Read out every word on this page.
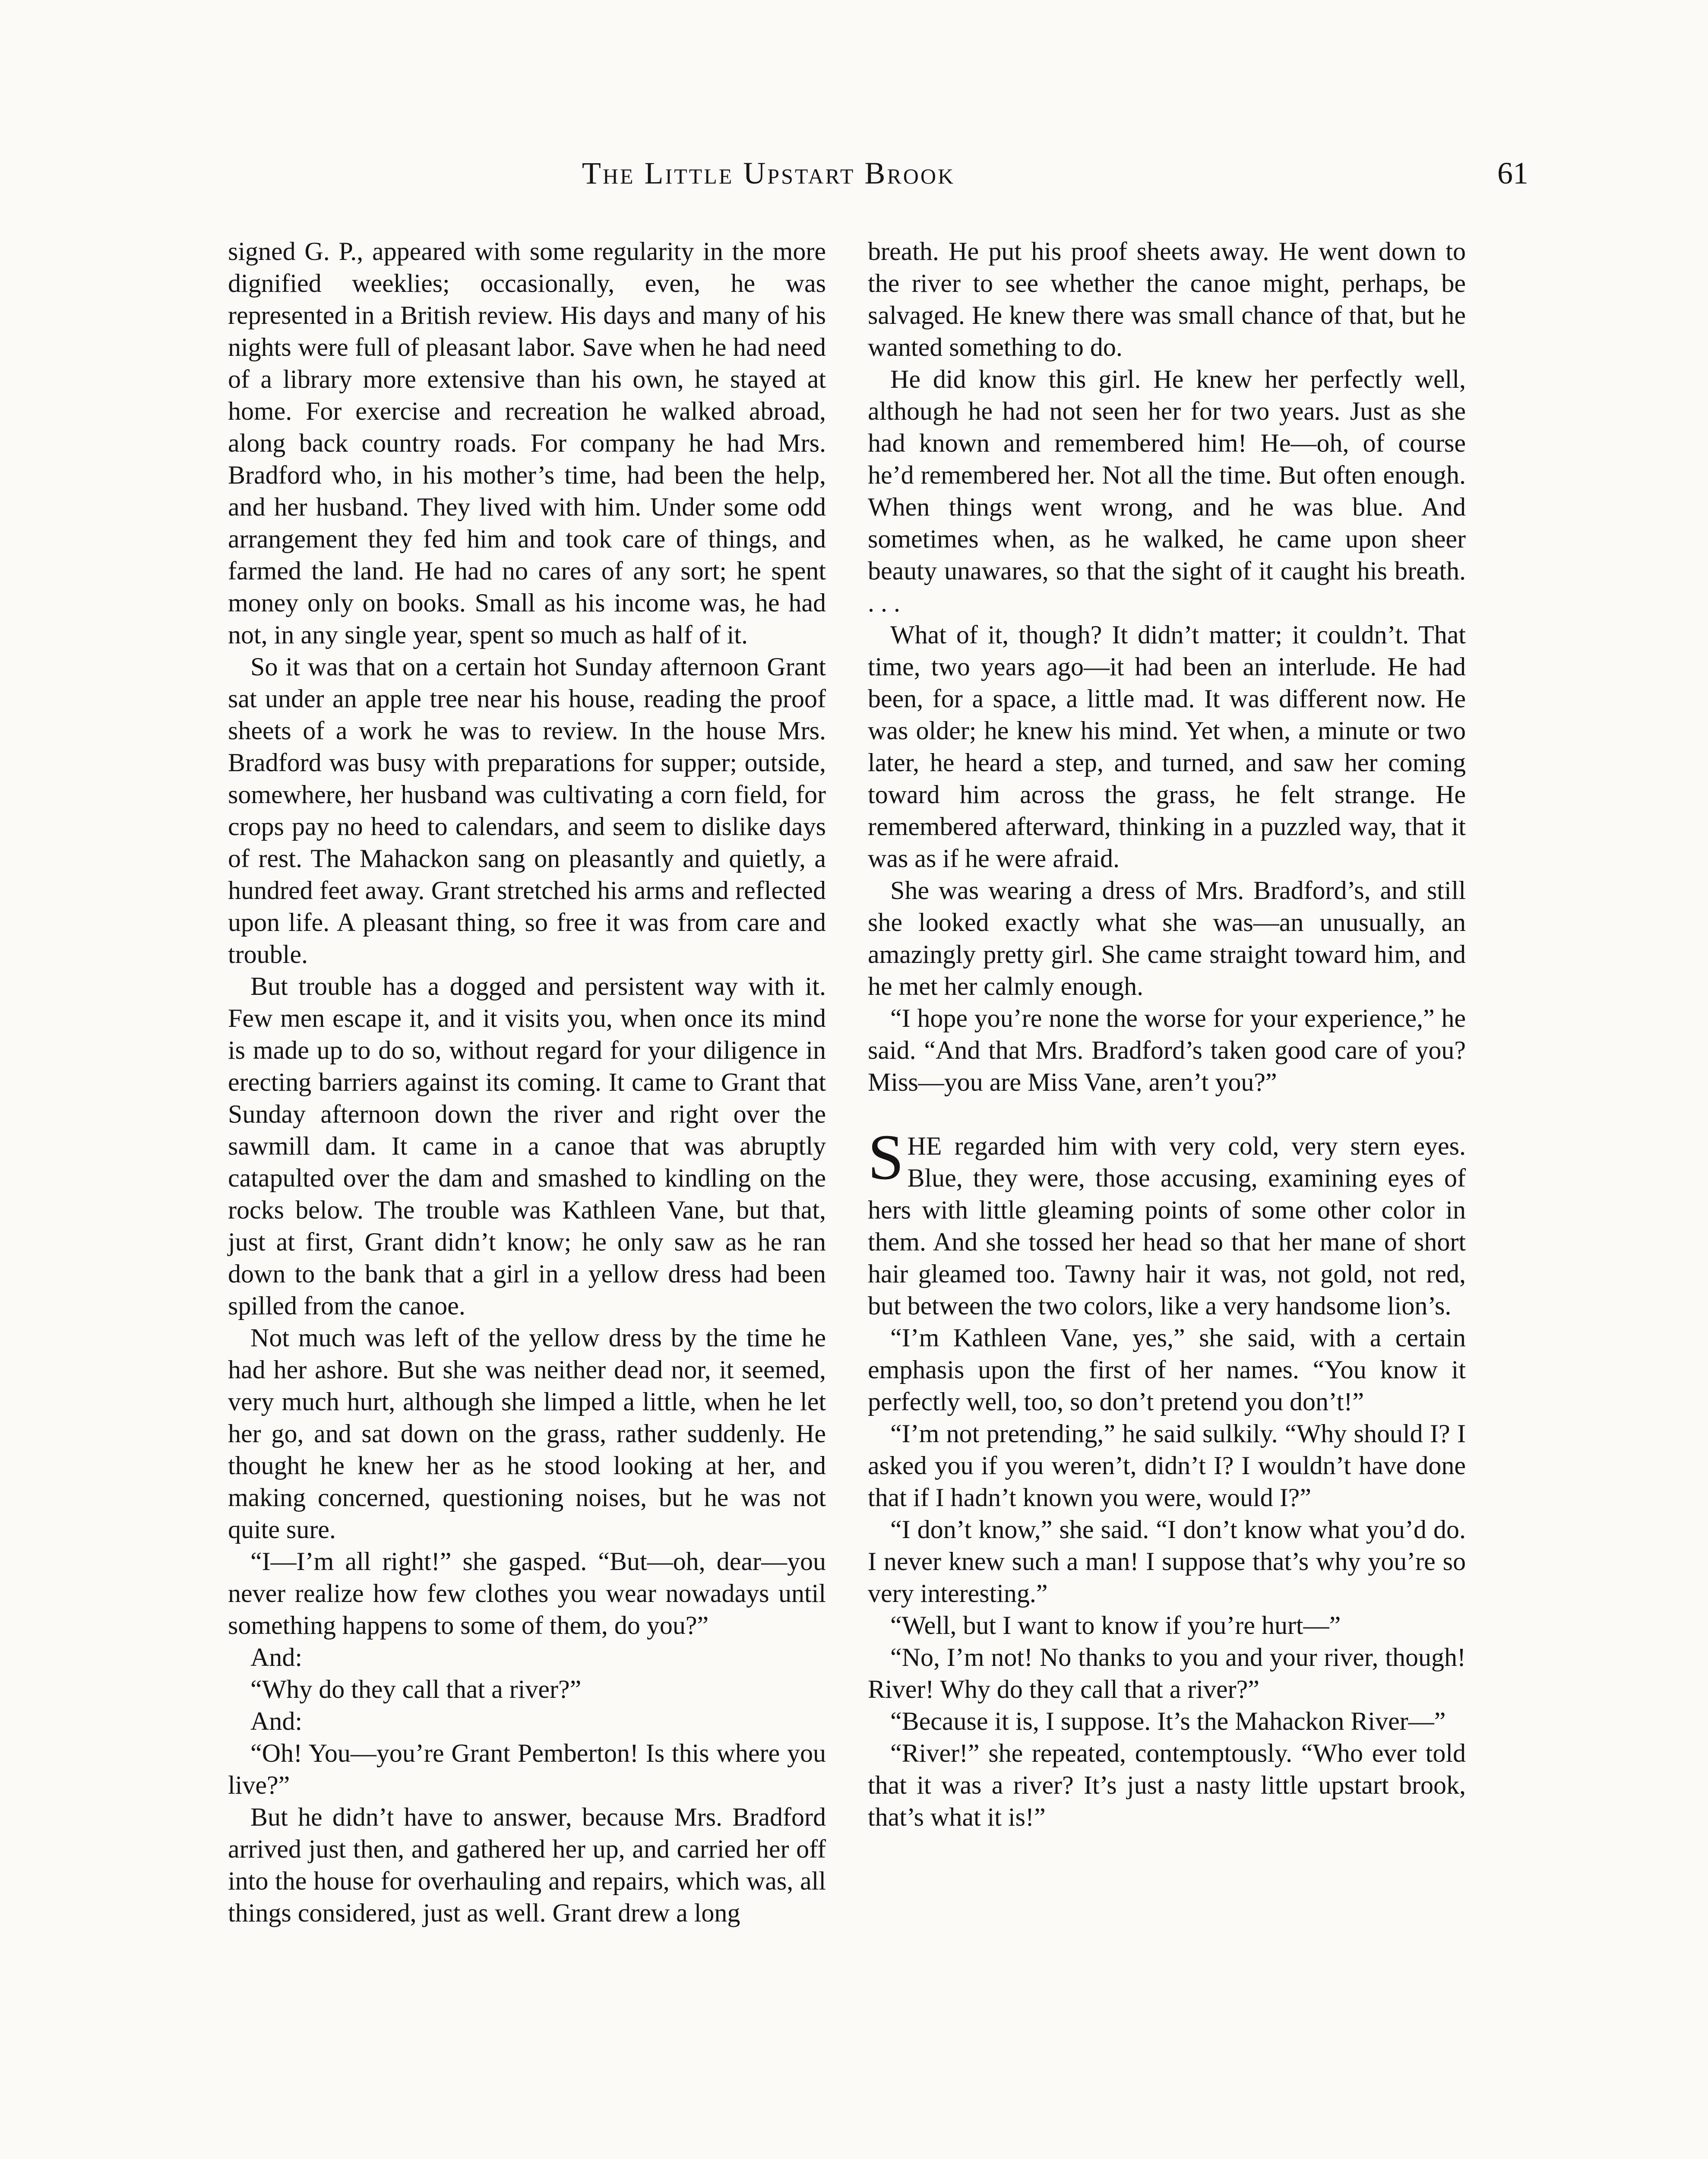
The Little Upstart Brook	61

signed G. P., appeared with some regularity in the more dignified weeklies; occasionally, even, he was represented in a British review. His days and many of his nights were full of pleasant labor. Save when he had need of a library more extensive than his own, he stayed at home. For exercise and recreation he walked abroad, along back country roads. For company he had Mrs. Bradford who, in his mother’s time, had been the help, and her husband. They lived with him. Under some odd arrangement they fed him and took care of things, and farmed the land. He had no cares of any sort; he spent money only on books. Small as his income was, he had not, in any single year, spent so much as half of it.

So it was that on a certain hot Sunday afternoon Grant sat under an apple tree near his house, reading the proof sheets of a work he was to review. In the house Mrs. Bradford was busy with preparations for supper; outside, somewhere, her husband was cultivating a corn field, for crops pay no heed to calendars, and seem to dislike days of rest. The Mahackon sang on pleasantly and quietly, a hundred feet away. Grant stretched his arms and reflected upon life. A pleasant thing, so free it was from care and trouble.

But trouble has a dogged and persistent way with it. Few men escape it, and it visits you, when once its mind is made up to do so, without regard for your diligence in erecting barriers against its coming. It came to Grant that Sunday afternoon down the river and right over the sawmill dam. It came in a canoe that was abruptly catapulted over the dam and smashed to kindling on the rocks below. The trouble was Kathleen Vane, but that, just at first, Grant didn’t know; he only saw as he ran down to the bank that a girl in a yellow dress had been spilled from the canoe.

Not much was left of the yellow dress by the time he had her ashore. But she was neither dead nor, it seemed, very much hurt, although she limped a little, when he let her go, and sat down on the grass, rather suddenly. He thought he knew her as he stood looking at her, and making concerned, questioning noises, but he was not quite sure.

“I—I’m all right!” she gasped. “But—oh, dear—you never realize how few clothes you wear nowadays until something happens to some of them, do you?”

And:

“Why do they call that a river?”

And:

“Oh! You—you’re Grant Pemberton! Is this where you live?”

But he didn’t have to answer, because Mrs. Bradford arrived just then, and gathered her up, and carried her off into the house for overhauling and repairs, which was, all things considered, just as well. Grant drew a long

breath. He put his proof sheets away. He went down to the river to see whether the canoe might, perhaps, be salvaged. He knew there was small chance of that, but he wanted something to do.

He did know this girl. He knew her perfectly well, although he had not seen her for two years. Just as she had known and remembered him! He—oh, of course he’d remembered her. Not all the time. But often enough. When things went wrong, and he was blue. And sometimes when, as he walked, he came upon sheer beauty unawares, so that the sight of it caught his breath. . . .

What of it, though? It didn’t matter; it couldn’t. That time, two years ago—it had been an interlude. He had been, for a space, a little mad. It was different now. He was older; he knew his mind. Yet when, a minute or two later, he heard a step, and turned, and saw her coming toward him across the grass, he felt strange. He remembered afterward, thinking in a puzzled way, that it was as if he were afraid.

She was wearing a dress of Mrs. Bradford’s, and still she looked exactly what she was—an unusually, an amazingly pretty girl. She came straight toward him, and he met her calmly enough.

“I hope you’re none the worse for your experience,” he said. “And that Mrs. Bradford’s taken good care of you? Miss—you are Miss Vane, aren’t you?”

SHE regarded him with very cold, very stern eyes. Blue, they were, those accusing, examining eyes of hers with little gleaming points of some other color in them. And she tossed her head so that her mane of short hair gleamed too. Tawny hair it was, not gold, not red, but between the two colors, like a very handsome lion’s.

“I’m Kathleen Vane, yes,” she said, with a certain emphasis upon the first of her names. “You know it perfectly well, too, so don’t pretend you don’t!”

“I’m not pretending,” he said sulkily. “Why should I? I asked you if you weren’t, didn’t I? I wouldn’t have done that if I hadn’t known you were, would I?”

“I don’t know,” she said. “I don’t know what you’d do. I never knew such a man! I suppose that’s why you’re so very interesting.”

“Well, but I want to know if you’re hurt—”

“No, I’m not! No thanks to you and your river, though! River! Why do they call that a river?”

“Because it is, I suppose. It’s the Mahackon River—”

“River!” she repeated, contemptously. “Who ever told that it was a river? It’s just a nasty little upstart brook, that’s what it is!”
